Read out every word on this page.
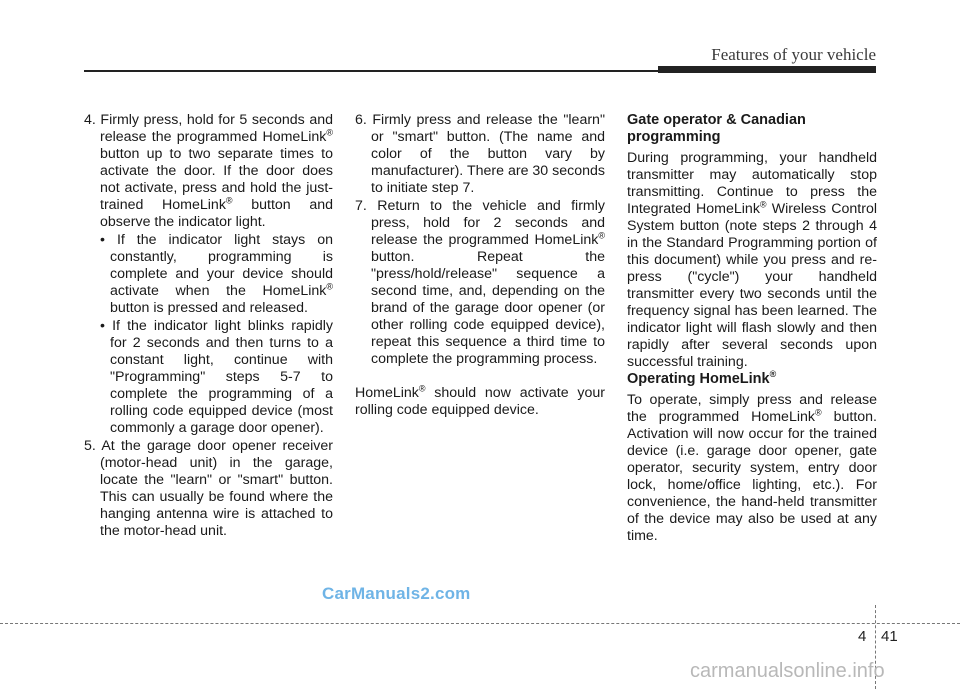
Features of your vehicle

4. Firmly press, hold for 5 seconds and release the programmed HomeLink® button up to two separate times to activate the door. If the door does not activate, press and hold the just-trained HomeLink® button and observe the indicator light.

• If the indicator light stays on constantly, programming is complete and your device should activate when the HomeLink® button is pressed and released.

• If the indicator light blinks rapidly for 2 seconds and then turns to a constant light, continue with "Programming" steps 5-7 to complete the programming of a rolling code equipped device (most commonly a garage door opener).

5. At the garage door opener receiver (motor-head unit) in the garage, locate the "learn" or "smart" button. This can usually be found where the hanging antenna wire is attached to the motor-head unit.

6. Firmly press and release the "learn" or "smart" button. (The name and color of the button vary by manufacturer). There are 30 seconds to initiate step 7.

7. Return to the vehicle and firmly press, hold for 2 seconds and release the programmed HomeLink® button. Repeat the "press/hold/release" sequence a second time, and, depending on the brand of the garage door opener (or other rolling code equipped device), repeat this sequence a third time to complete the programming process.

HomeLink® should now activate your rolling code equipped device.

Gate operator & Canadian programming

During programming, your handheld transmitter may automatically stop transmitting. Continue to press the Integrated HomeLink® Wireless Control System button (note steps 2 through 4 in the Standard Programming portion of this document) while you press and re-press ("cycle") your handheld transmitter every two seconds until the frequency signal has been learned. The indicator light will flash slowly and then rapidly after several seconds upon successful training.

Operating HomeLink®

To operate, simply press and release the programmed HomeLink® button. Activation will now occur for the trained device (i.e. garage door opener, gate operator, security system, entry door lock, home/office lighting, etc.). For convenience, the hand-held transmitter of the device may also be used at any time.

CarManuals2.com
4 41
carmanualsonline.info
